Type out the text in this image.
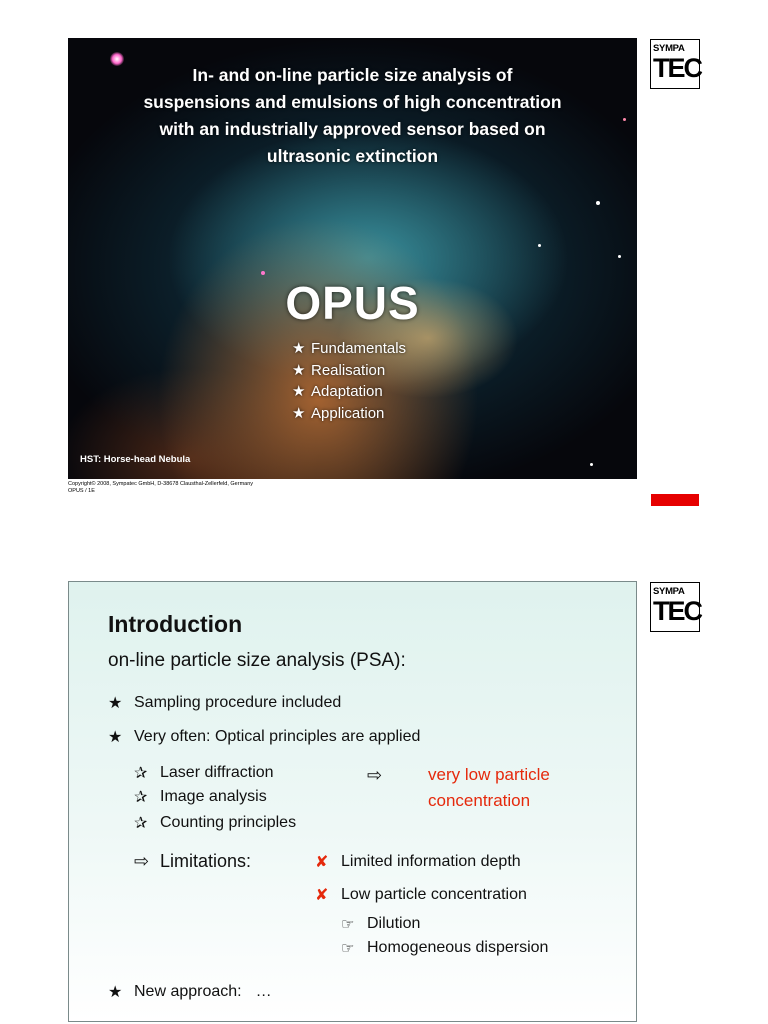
In- and on-line particle size analysis of
suspensions and emulsions of high concentration
with an industrially approved sensor based on
ultrasonic extinction
OPUS
★ Fundamentals
★ Realisation
★ Adaptation
★ Application
HST: Horse-head Nebula
Copyright© 2008, Sympatec GmbH, D-38678 Clausthal-Zellerfeld, Germany
OPUS / 1E
SYMPA
TEC
SYMPA
TEC
Introduction
on-line particle size analysis (PSA):
★ Sampling procedure included
★ Very often: Optical principles are applied
✰ Laser diffraction
✰ Image analysis
✰ Counting principles
⇨	very low particle
concentration
⇨ Limitations:	✘ Limited information depth
✘ Low particle concentration
☞ Dilution
☞ Homogeneous dispersion
★ New approach: …
